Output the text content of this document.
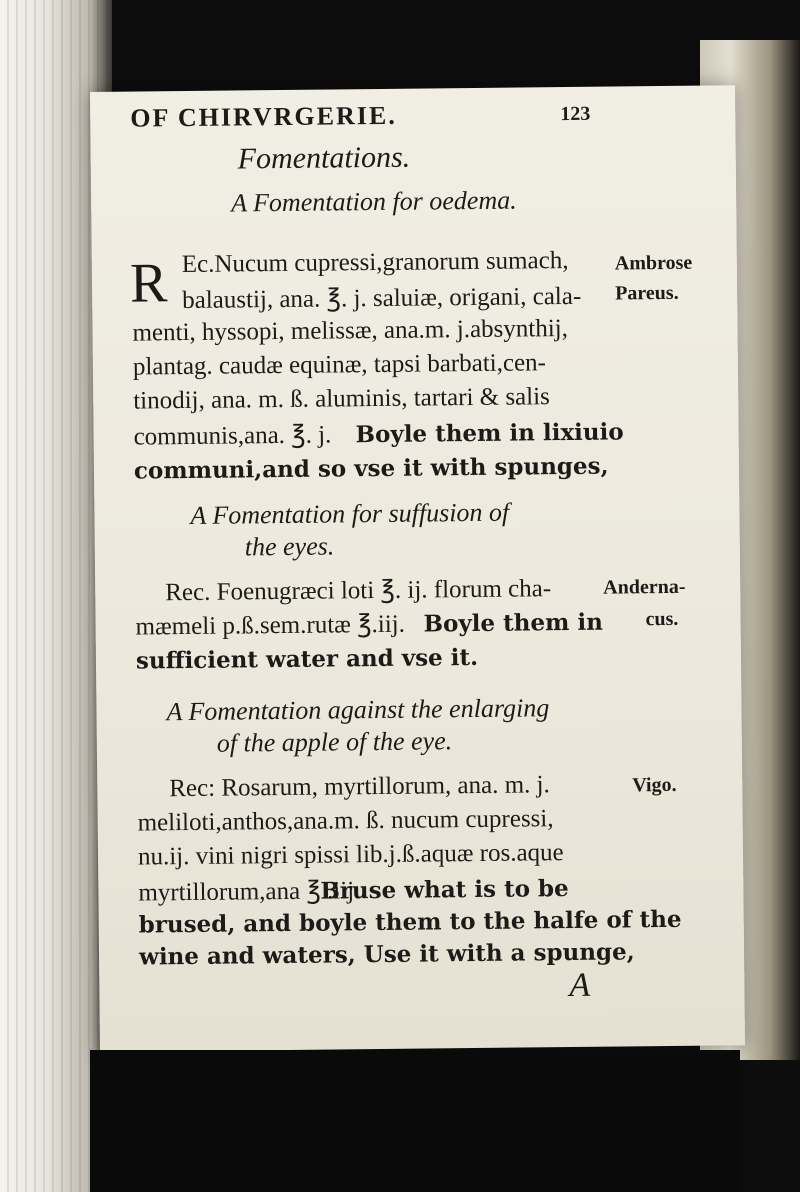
OF CHIRVRGERIE.	123
Fomentations.
A Fomentation for oedema.
R Ec.Nucum cupressi,granorum sumach,
balaustij, ana. ℥. j. saluiæ, origani, cala-
menti, hyssopi, melissæ, ana.m. j.absynthij,
plantag. caudæ equinæ, tapsi barbati,cen-
tinodij, ana. m. ß. aluminis, tartari & salis
communis,ana. ℥. j. Boyle them in lixiuio
communi,and so vse it with spunges,
Ambrose
Pareus.
A Fomentation for suffusion of
the eyes.
Rec. Foenugræci loti ℥. ij. florum cha-
mæmeli p.ß.sem.rutæ ℥.iij. Boyle them in
sufficient water and vse it.
Anderna-
cus.
A Fomentation against the enlarging
of the apple of the eye.
Rec: Rosarum, myrtillorum, ana. m. j.
meliloti,anthos,ana.m. ß. nucum cupressi,
nu.ij. vini nigri spissi lib.j.ß.aquæ ros.aque
myrtillorum,ana ℥ .iij.
Bruse what is to be
brused, and boyle them to the halfe of the
wine and waters, Use it with a spunge,
Vigo.
A
